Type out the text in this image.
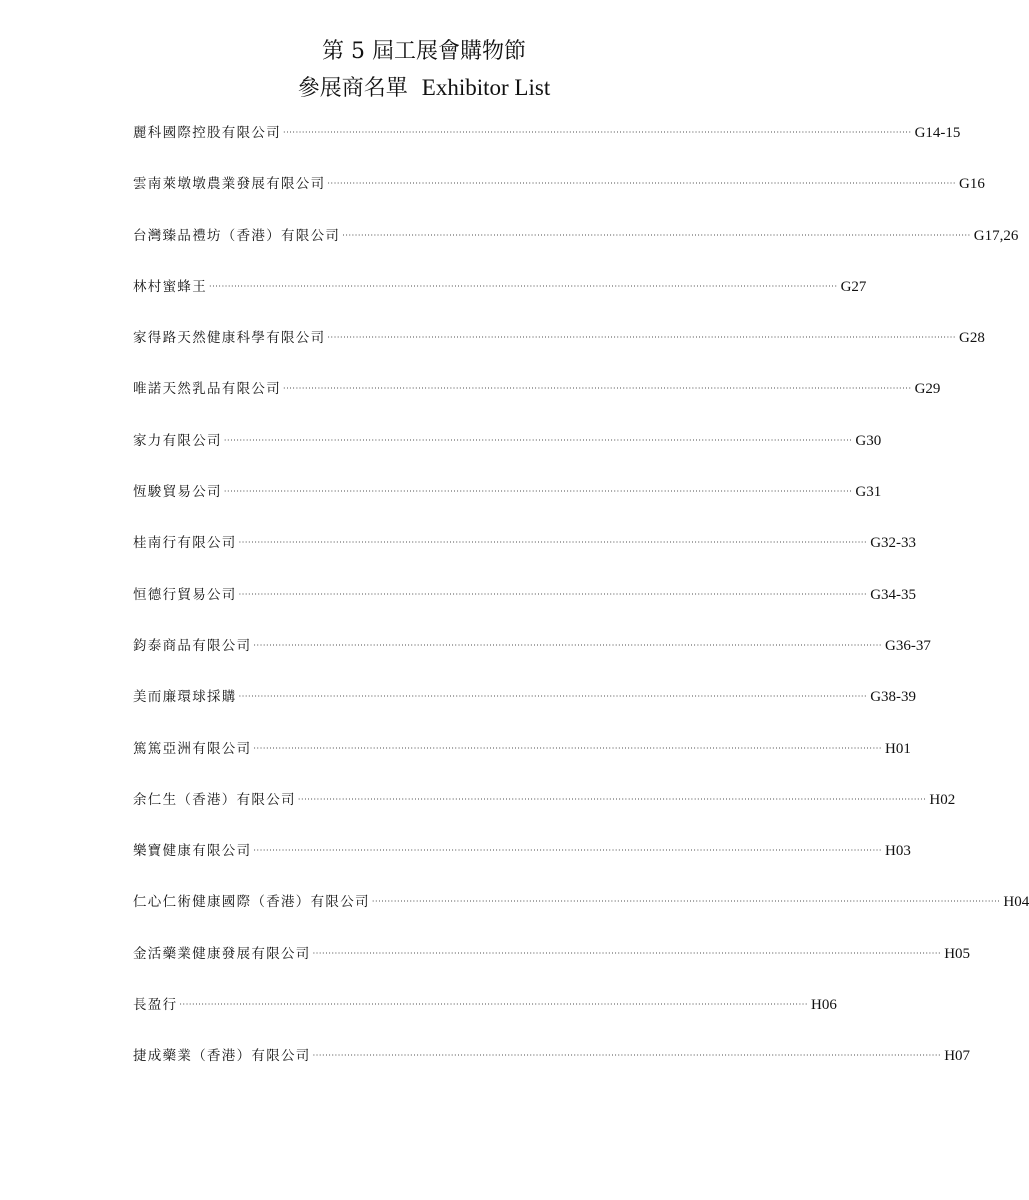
第 5 屆工展會購物節
參展商名單 Exhibitor List
麗科國際控股有限公司 ········································································································································································································ G14-15
雲南萊墩墩農業發展有限公司 ········································································································································································································ G16
台灣臻品禮坊（香港）有限公司 ········································································································································································································ G17,26
林村蜜蜂王 ········································································································································································································ G27
家得路天然健康科學有限公司 ········································································································································································································ G28
唯諾天然乳品有限公司 ········································································································································································································ G29
家力有限公司 ········································································································································································································ G30
恆駿貿易公司 ········································································································································································································ G31
桂南行有限公司 ········································································································································································································ G32-33
恒德行貿易公司 ········································································································································································································ G34-35
鈞泰商品有限公司 ········································································································································································································ G36-37
美而廉環球採購 ········································································································································································································ G38-39
篤篤亞洲有限公司 ········································································································································································································ H01
余仁生（香港）有限公司 ········································································································································································································ H02
樂寶健康有限公司 ········································································································································································································ H03
仁心仁術健康國際（香港）有限公司 ········································································································································································································ H04
金活藥業健康發展有限公司 ········································································································································································································ H05
長盈行 ········································································································································································································ H06
捷成藥業（香港）有限公司 ········································································································································································································ H07
